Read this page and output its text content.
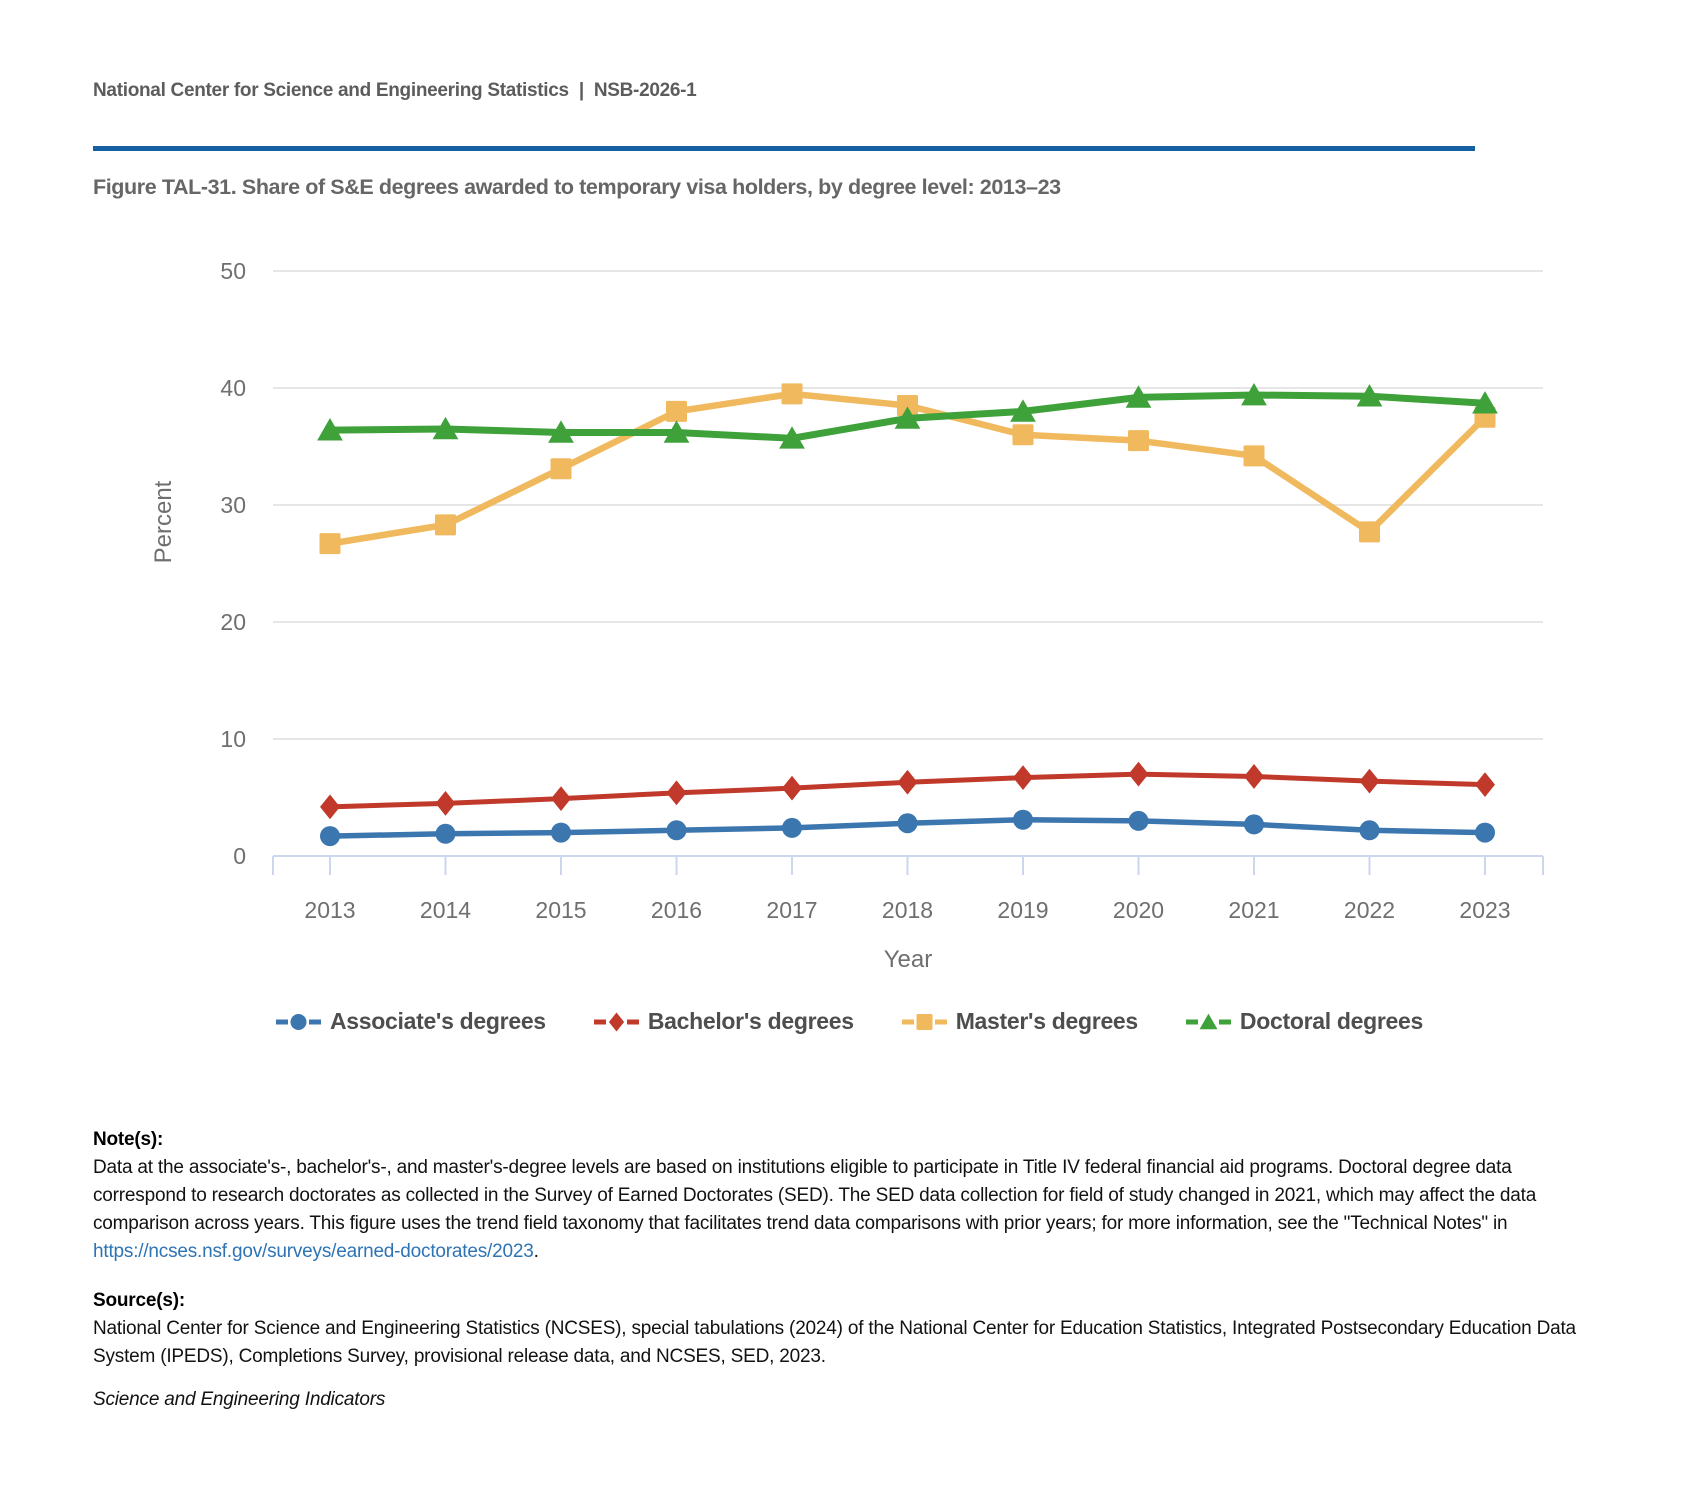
National Center for Science and Engineering Statistics | NSB-2026-1
Figure TAL-31. Share of S&E degrees awarded to temporary visa holders, by degree level: 2013–23
0
10
20
30
40
50
2013	2014	2015	2016	2017	2018	2019	2020	2021	2022	2023
Year
Percent
Associate's degrees	Bachelor's degrees	Master's degrees	Doctoral degrees
Note(s):

Data at the associate's-, bachelor's-, and master's-degree levels are based on institutions eligible to participate in Title IV federal financial aid programs. Doctoral degree data correspond to research doctorates as collected in the Survey of Earned Doctorates (SED). The SED data collection for field of study changed in 2021, which may affect the data comparison across years. This figure uses the trend field taxonomy that facilitates trend data comparisons with prior years; for more information, see the "Technical Notes" in https://ncses.nsf.gov/surveys/earned-doctorates/2023.

Source(s):

National Center for Science and Engineering Statistics (NCSES), special tabulations (2024) of the National Center for Education Statistics, Integrated Postsecondary Education Data System (IPEDS), Completions Survey, provisional release data, and NCSES, SED, 2023.

Science and Engineering Indicators
